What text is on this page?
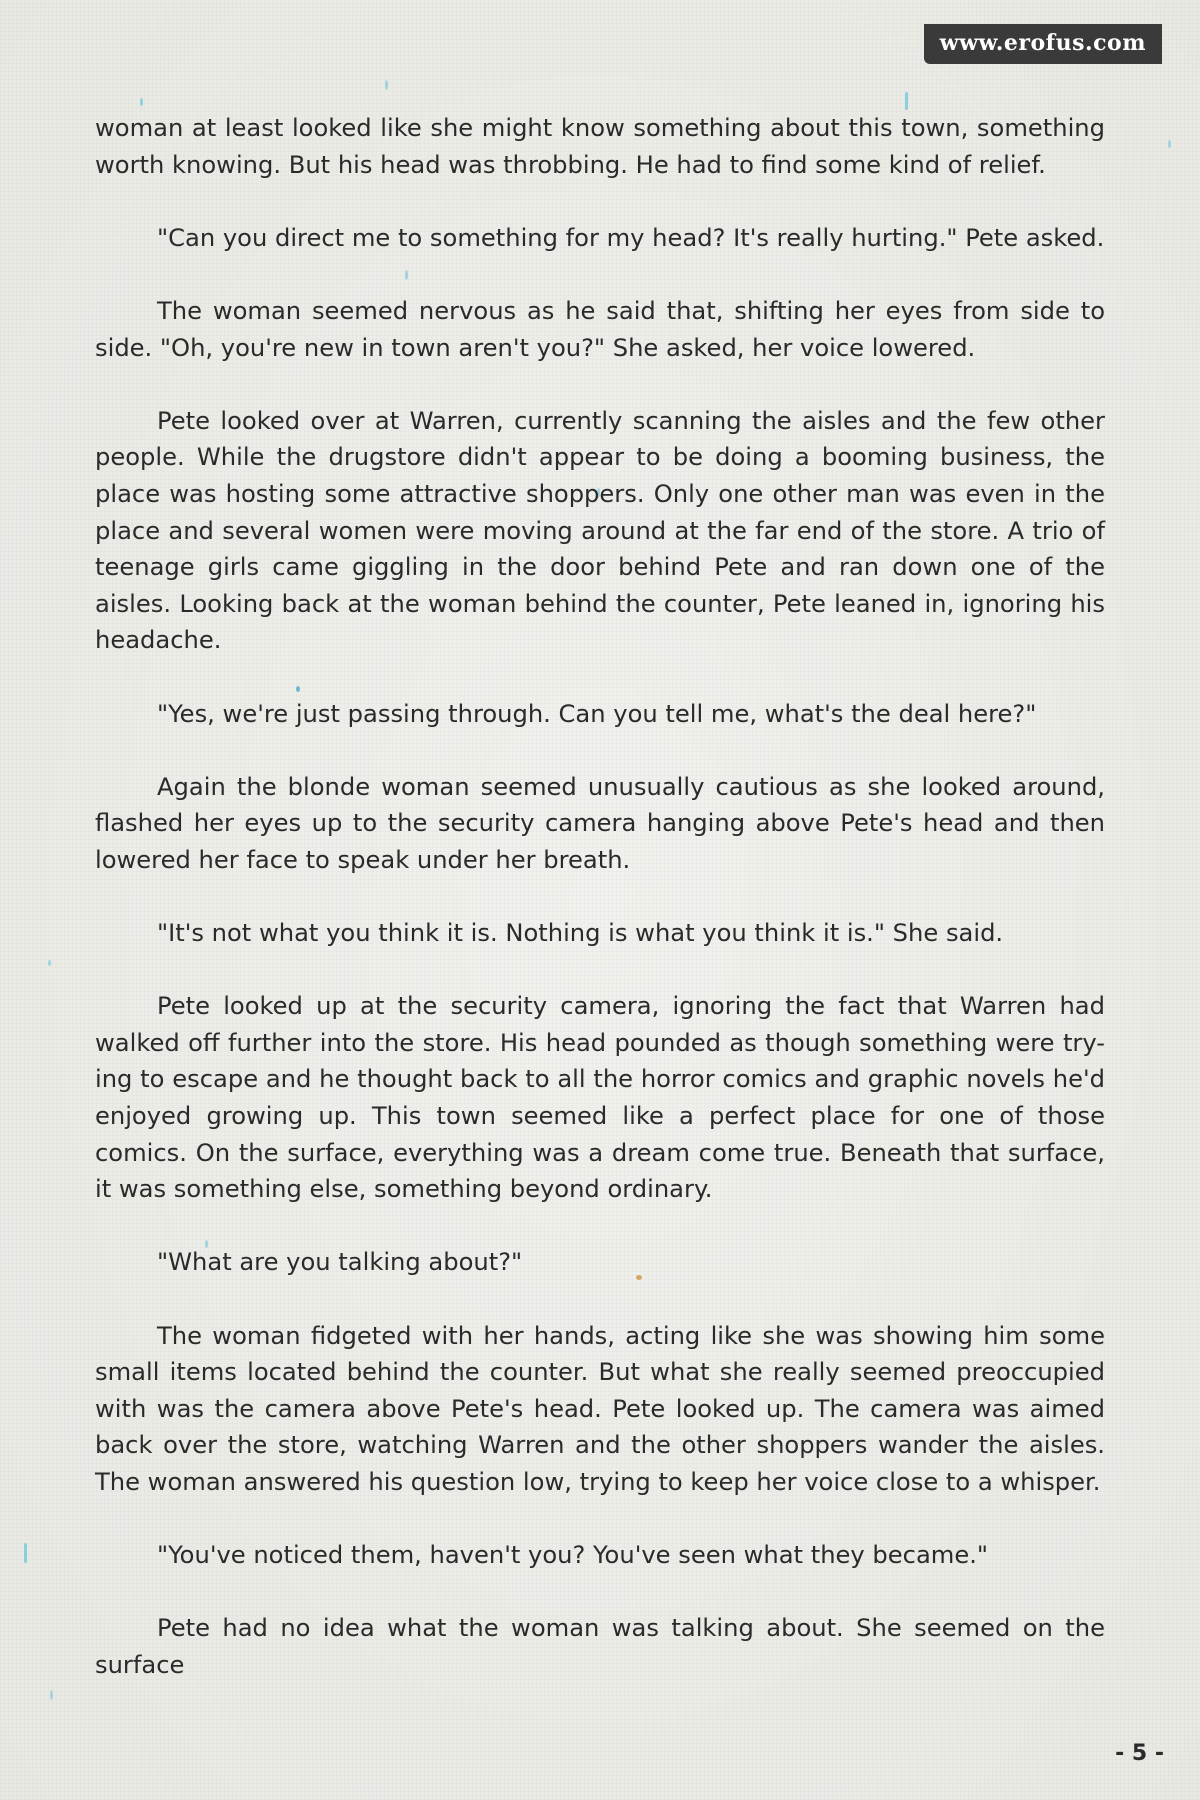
www.erofus.com

woman at least looked like she might know something about this town, something worth knowing. But his head was throbbing. He had to find some kind of relief.

"Can you direct me to something for my head? It's really hurting." Pete asked.

The woman seemed nervous as he said that, shifting her eyes from side to side. "Oh, you're new in town aren't you?" She asked, her voice lowered.

Pete looked over at Warren, currently scanning the aisles and the few other people. While the drugstore didn't appear to be doing a booming business, the place was hosting some attractive shoppers. Only one other man was even in the place and several women were moving around at the far end of the store. A trio of teenage girls came giggling in the door behind Pete and ran down one of the aisles. Looking back at the woman behind the counter, Pete leaned in, ignoring his headache.

"Yes, we're just passing through. Can you tell me, what's the deal here?"

Again the blonde woman seemed unusually cautious as she looked around, flashed her eyes up to the security camera hanging above Pete's head and then lowered her face to speak under her breath.

"It's not what you think it is. Nothing is what you think it is." She said.

Pete looked up at the security camera, ignoring the fact that Warren had walked off further into the store. His head pounded as though something were try-ing to escape and he thought back to all the horror comics and graphic novels he'd enjoyed growing up. This town seemed like a perfect place for one of those comics. On the surface, everything was a dream come true. Beneath that surface, it was something else, something beyond ordinary.

"What are you talking about?"

The woman fidgeted with her hands, acting like she was showing him some small items located behind the counter. But what she really seemed preoccupied with was the camera above Pete's head. Pete looked up. The camera was aimed back over the store, watching Warren and the other shoppers wander the aisles. The woman answered his question low, trying to keep her voice close to a whisper.

"You've noticed them, haven't you? You've seen what they became."

Pete had no idea what the woman was talking about. She seemed on the surface

- 5 -
